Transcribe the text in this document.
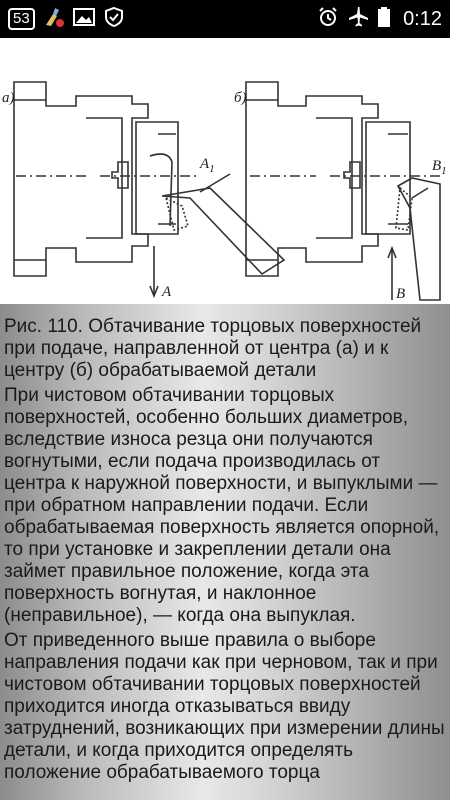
53	0:12
а)	б)
$A_1$	$B_1$
A	B

Рис. 110. Обтачивание торцовых поверхностей при подаче, направленной от центра (а) и к центру (б) обрабатываемой детали

При чистовом обтачивании торцовых поверхностей, особенно больших диаметров, вследствие износа резца они получаются вогнутыми, если подача производилась от центра к наружной поверхности, и выпуклыми — при обратном направлении подачи. Если обрабатываемая поверхность является опорной, то при установке и закреплении детали она займет правильное положение, когда эта поверхность вогнутая, и наклонное (неправильное), — когда она выпуклая.

От приведенного выше правила о выборе направления подачи как при черновом, так и при чистовом обтачивании торцовых поверхностей приходится иногда отказываться ввиду затруднений, возникающих при измерении длины детали, и когда приходится определять положение обрабатываемого торца
